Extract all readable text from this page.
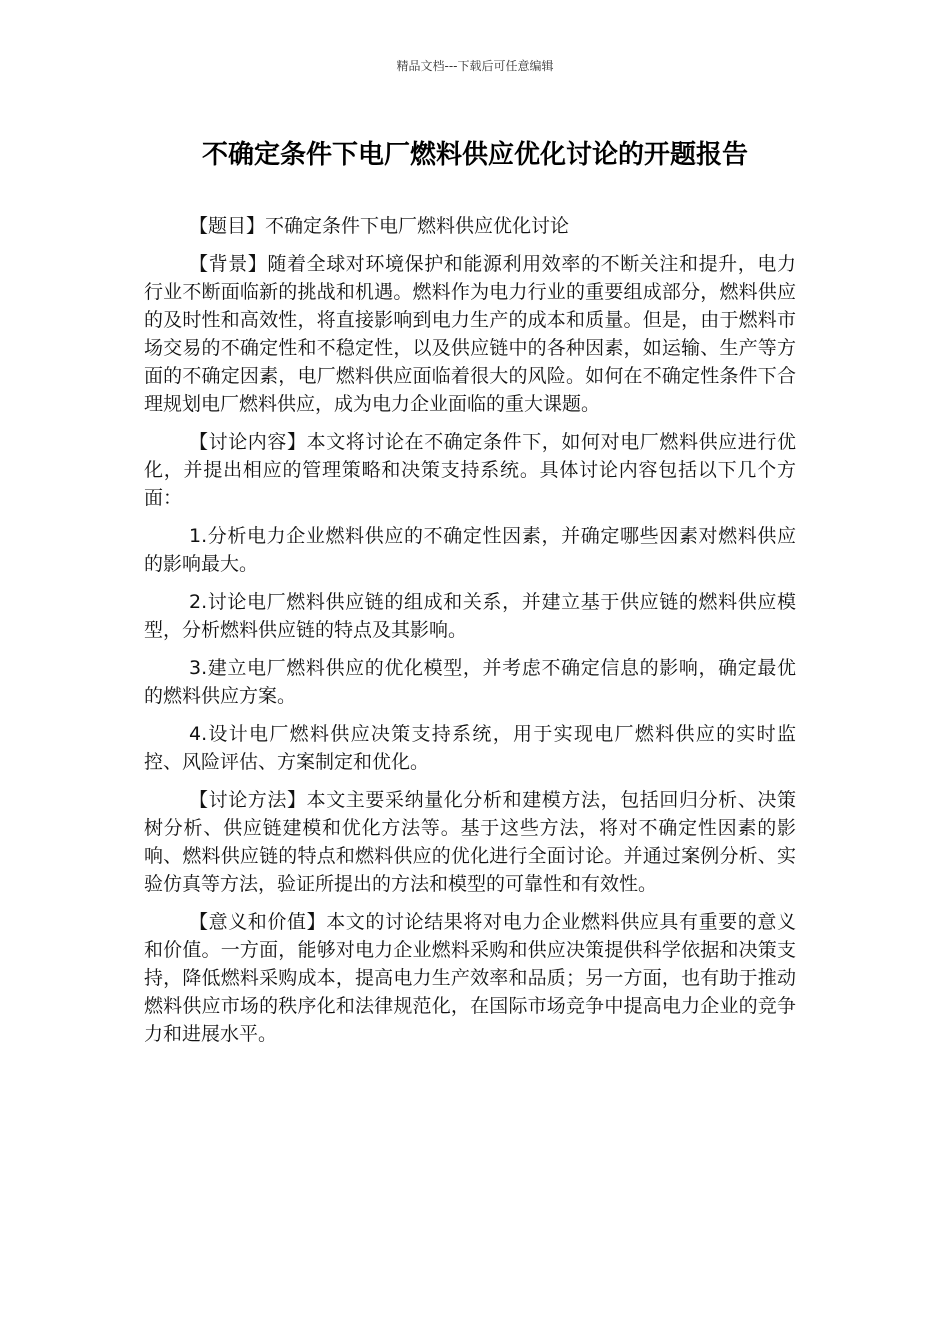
精品文档---下载后可任意编辑
不确定条件下电厂燃料供应优化讨论的开题报告

【题目】不确定条件下电厂燃料供应优化讨论

【背景】随着全球对环境保护和能源利用效率的不断关注和提升，电力行业不断面临新的挑战和机遇。燃料作为电力行业的重要组成部分，燃料供应的及时性和高效性，将直接影响到电力生产的成本和质量。但是，由于燃料市场交易的不确定性和不稳定性，以及供应链中的各种因素，如运输、生产等方面的不确定因素，电厂燃料供应面临着很大的风险。如何在不确定性条件下合理规划电厂燃料供应，成为电力企业面临的重大课题。

【讨论内容】本文将讨论在不确定条件下，如何对电厂燃料供应进行优化，并提出相应的管理策略和决策支持系统。具体讨论内容包括以下几个方面：

1.分析电力企业燃料供应的不确定性因素，并确定哪些因素对燃料供应的影响最大。

2.讨论电厂燃料供应链的组成和关系，并建立基于供应链的燃料供应模型，分析燃料供应链的特点及其影响。

3.建立电厂燃料供应的优化模型，并考虑不确定信息的影响，确定最优的燃料供应方案。

4.设计电厂燃料供应决策支持系统，用于实现电厂燃料供应的实时监控、风险评估、方案制定和优化。

【讨论方法】本文主要采纳量化分析和建模方法，包括回归分析、决策树分析、供应链建模和优化方法等。基于这些方法，将对不确定性因素的影响、燃料供应链的特点和燃料供应的优化进行全面讨论。并通过案例分析、实验仿真等方法，验证所提出的方法和模型的可靠性和有效性。

【意义和价值】本文的讨论结果将对电力企业燃料供应具有重要的意义和价值。一方面，能够对电力企业燃料采购和供应决策提供科学依据和决策支持，降低燃料采购成本，提高电力生产效率和品质；另一方面，也有助于推动燃料供应市场的秩序化和法律规范化，在国际市场竞争中提高电力企业的竞争力和进展水平。
